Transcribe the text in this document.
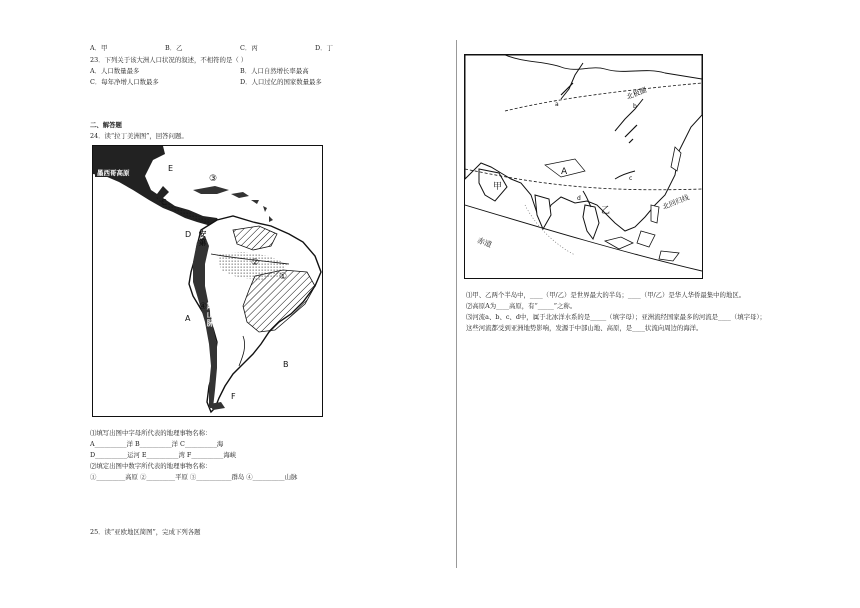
A．甲	B．乙	C．丙	D．丁
23．下列关于该大洲人口状况的叙述，不相符的是（ ）
A．人口数量最多	B．人口自然增长率最高
C．每年净增人口数最多	D．人口过亿的国家数量最多
二、解答题
24．读“拉丁美洲图”，回答问题。
墨西哥高原	E
③
C
D 安第
斯山脉
②
①
④
A
B
F
⑴填写出图中字母所代表的地理事物名称：
A__________洋 B__________洋 C__________海
D__________运河 E__________湾 F__________海峡
⑵填定出图中数字所代表的地理事物名称：
①_________高原 ②_________平原 ③___________群岛 ④__________山脉
25．读“亚欧地区简图”，完成下列各题
北极圈
北回归线
赤道
甲
乙
A
a	b
c
d
⑴甲、乙两个半岛中，____（甲/乙）是世界最大的半岛；____（甲/乙）是华人华侨最集中的地区。
⑵高原A为____高原，有“_____”之称。
⑶河流a、b、c、d中，属于北冰洋水系的是_____（填字母）；亚洲流经国家最多的河流是____（填字母）；
这些河流都受到亚洲地势影响，发源于中部山地、高原，是____状流向周边的海洋。
